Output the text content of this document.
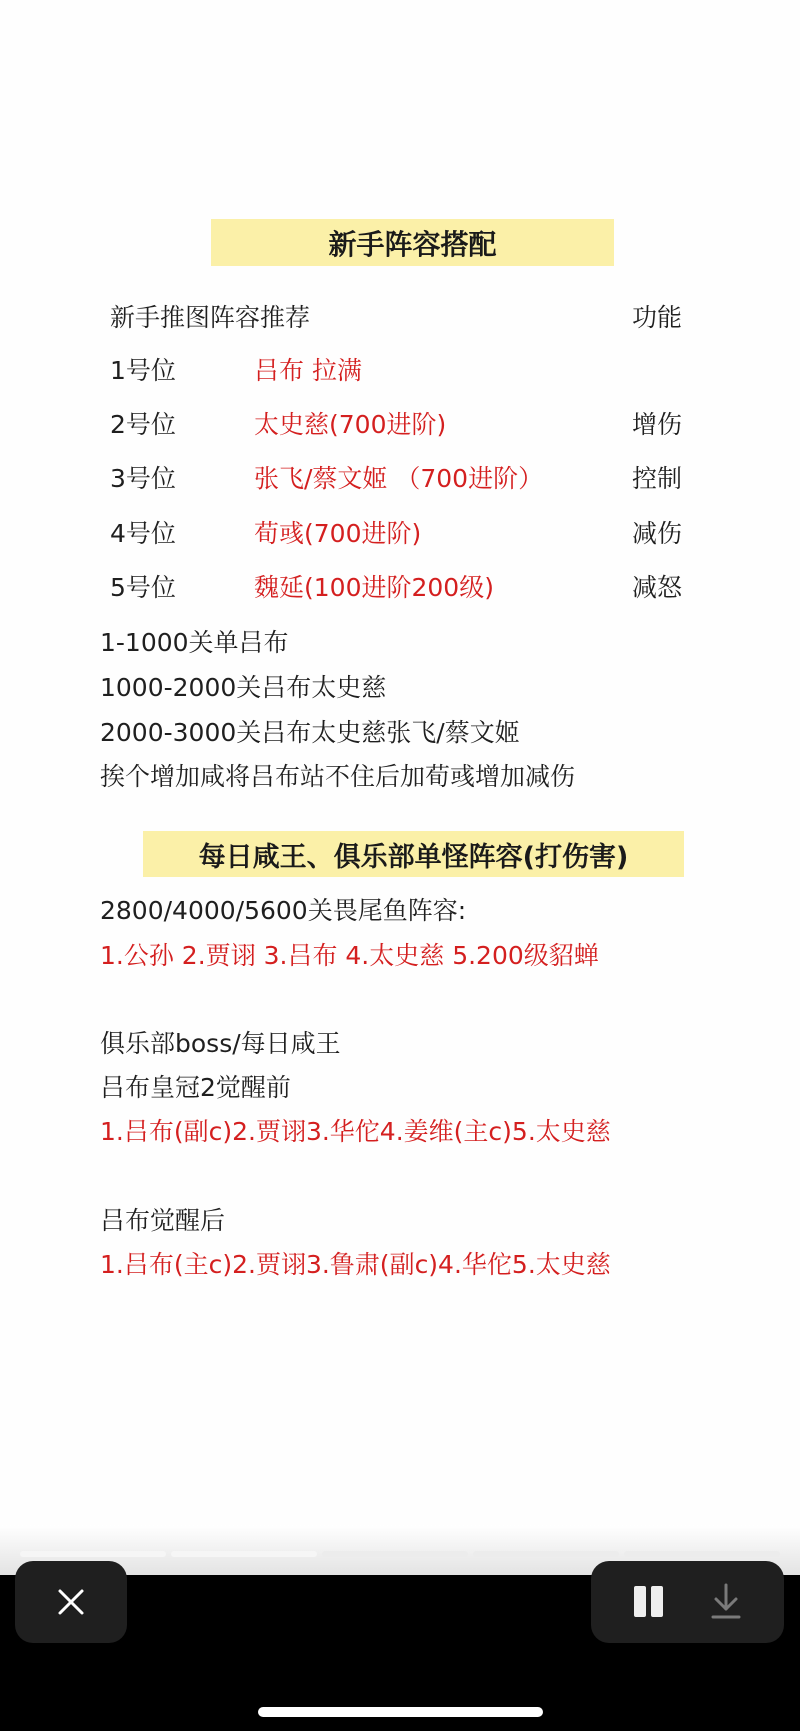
新手阵容搭配
新手推图阵容推荐	功能
1号位	吕布 拉满
2号位	太史慈(700进阶)	增伤
3号位	张飞/蔡文姬 （700进阶）	控制
4号位	荀彧(700进阶)	减伤
5号位	魏延(100进阶200级)	减怒
1-1000关单吕布
1000-2000关吕布太史慈
2000-3000关吕布太史慈张飞/蔡文姬
挨个增加咸将吕布站不住后加荀彧增加减伤
每日咸王、俱乐部单怪阵容(打伤害)
2800/4000/5600关畏尾鱼阵容:
1.公孙 2.贾诩 3.吕布 4.太史慈 5.200级貂蝉
俱乐部boss/每日咸王
吕布皇冠2觉醒前
1.吕布(副c)2.贾诩3.华佗4.姜维(主c)5.太史慈
吕布觉醒后
1.吕布(主c)2.贾诩3.鲁肃(副c)4.华佗5.太史慈
